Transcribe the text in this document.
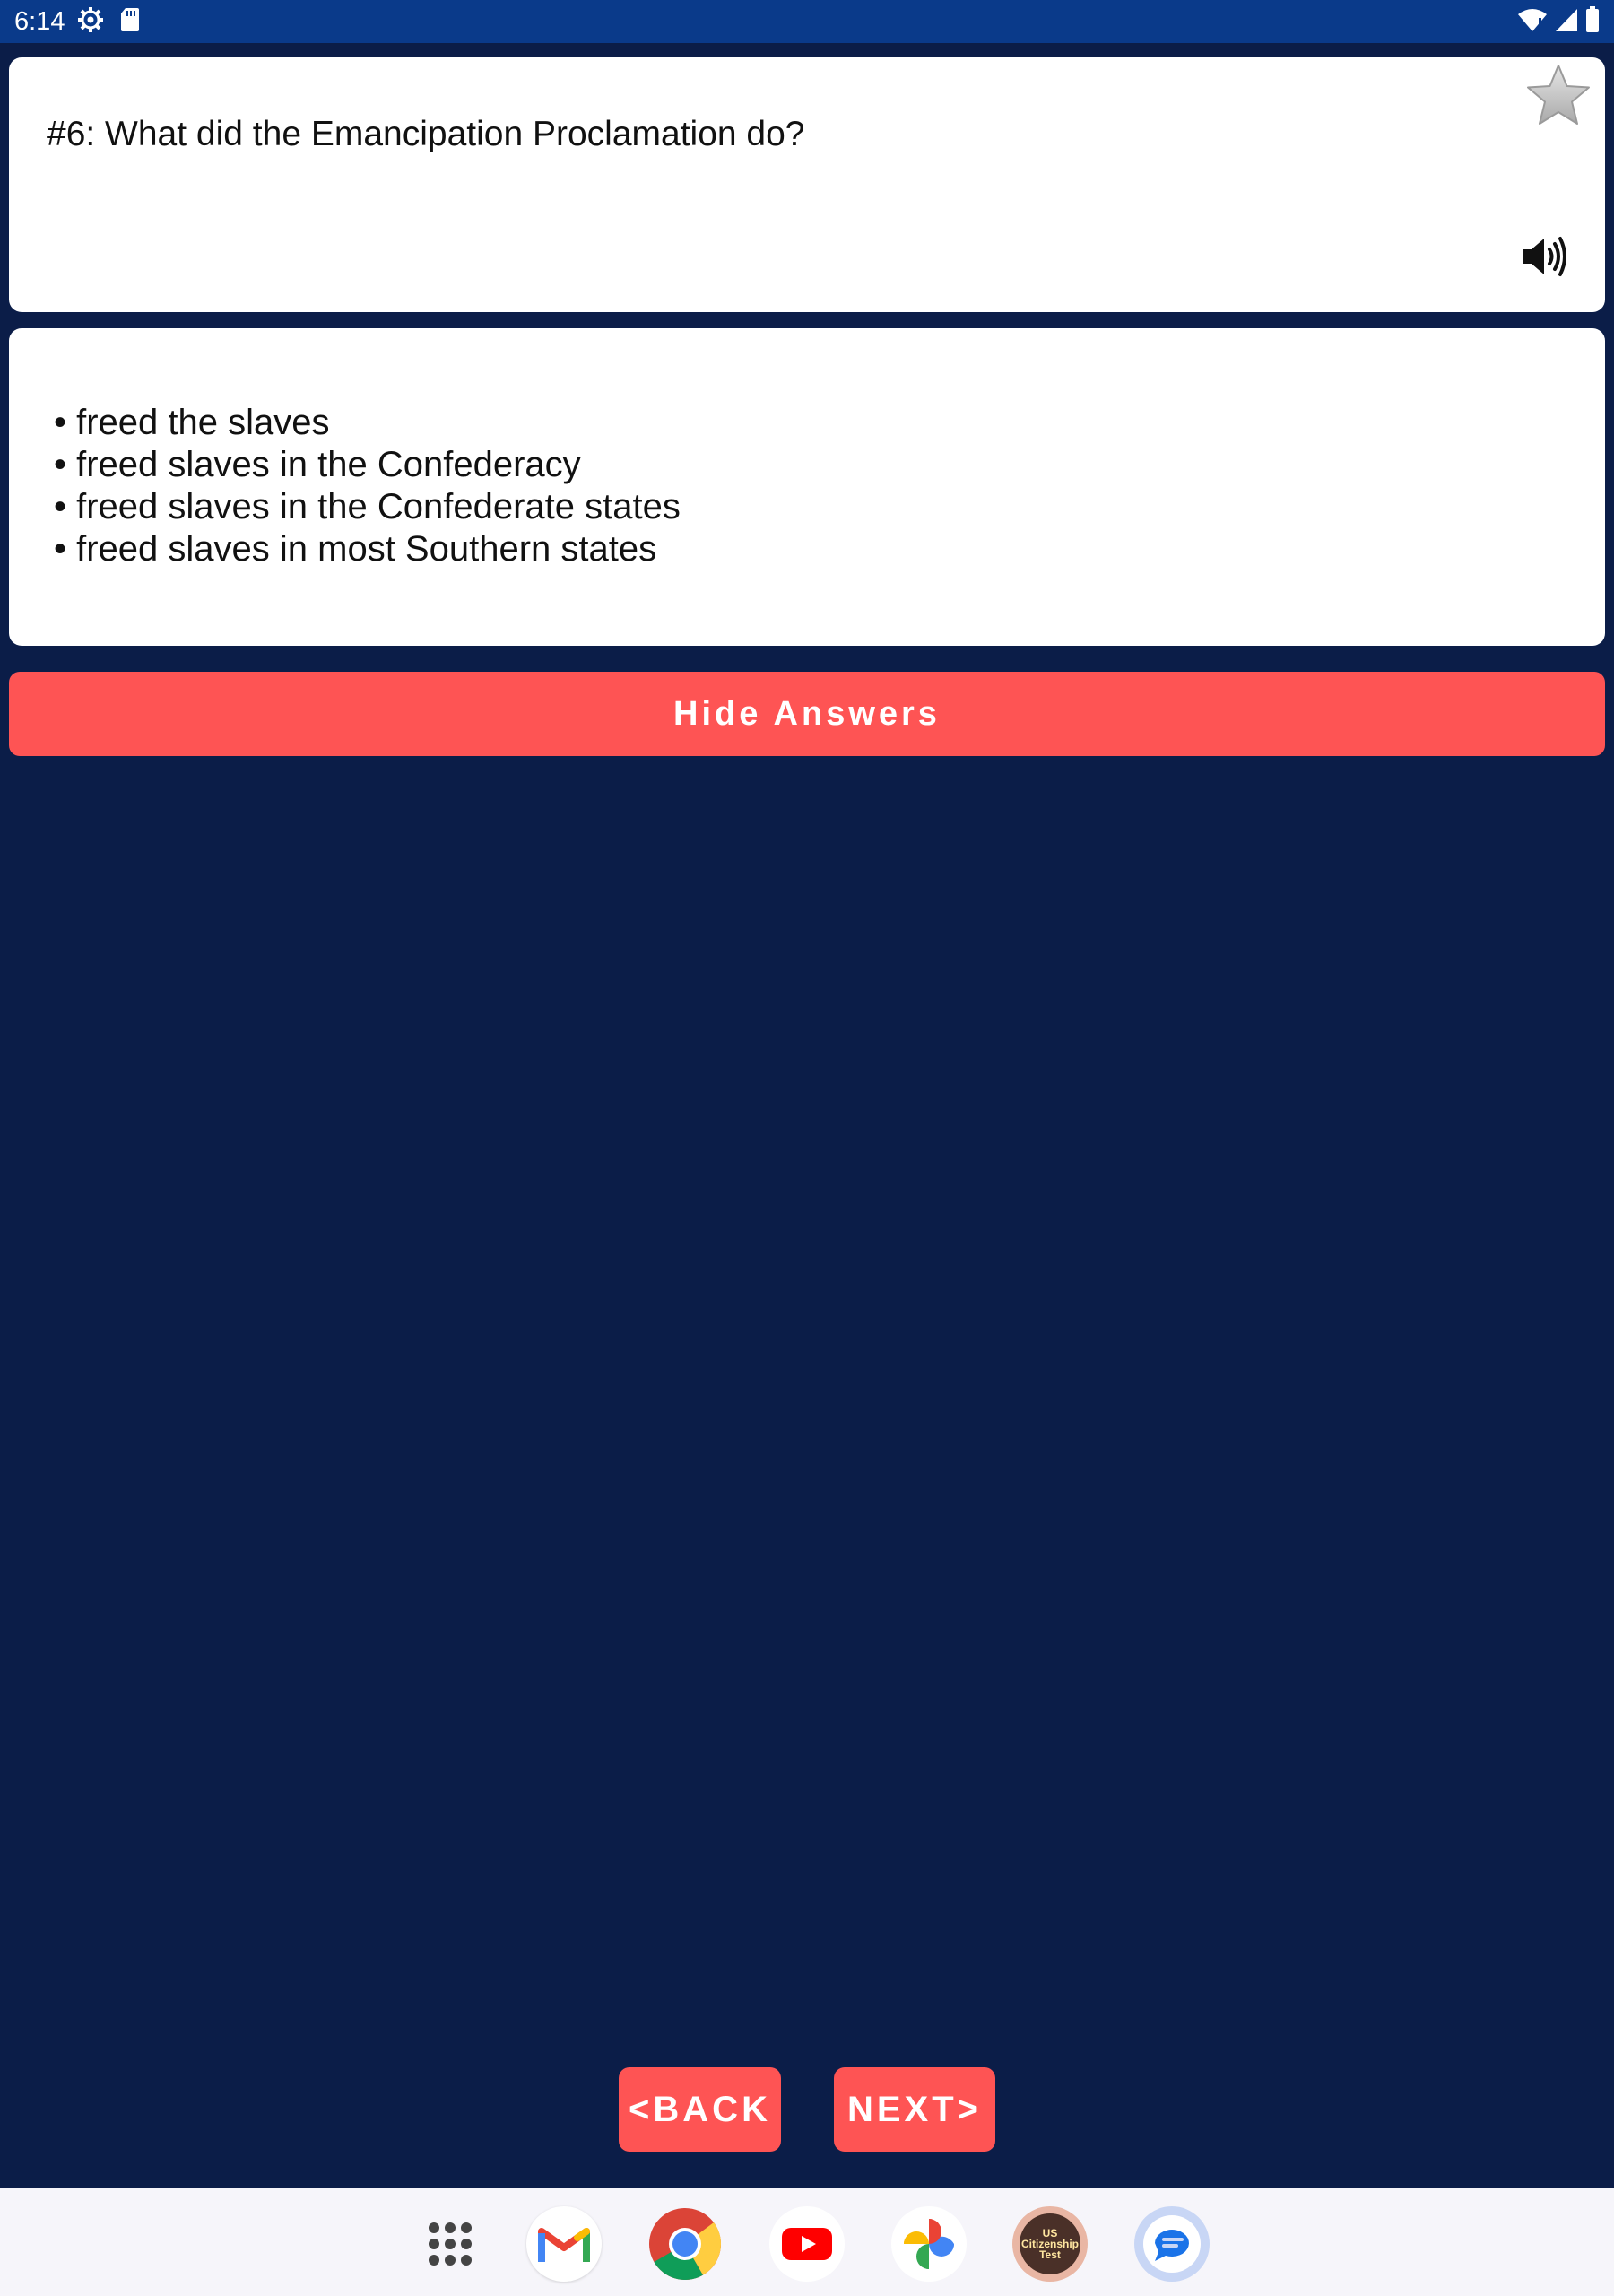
6:14
#6: What did the Emancipation Proclamation do?
• freed the slaves
• freed slaves in the Confederacy
• freed slaves in the Confederate states
• freed slaves in most Southern states
Hide Answers
<BACK	NEXT>
US Citizenship Test
